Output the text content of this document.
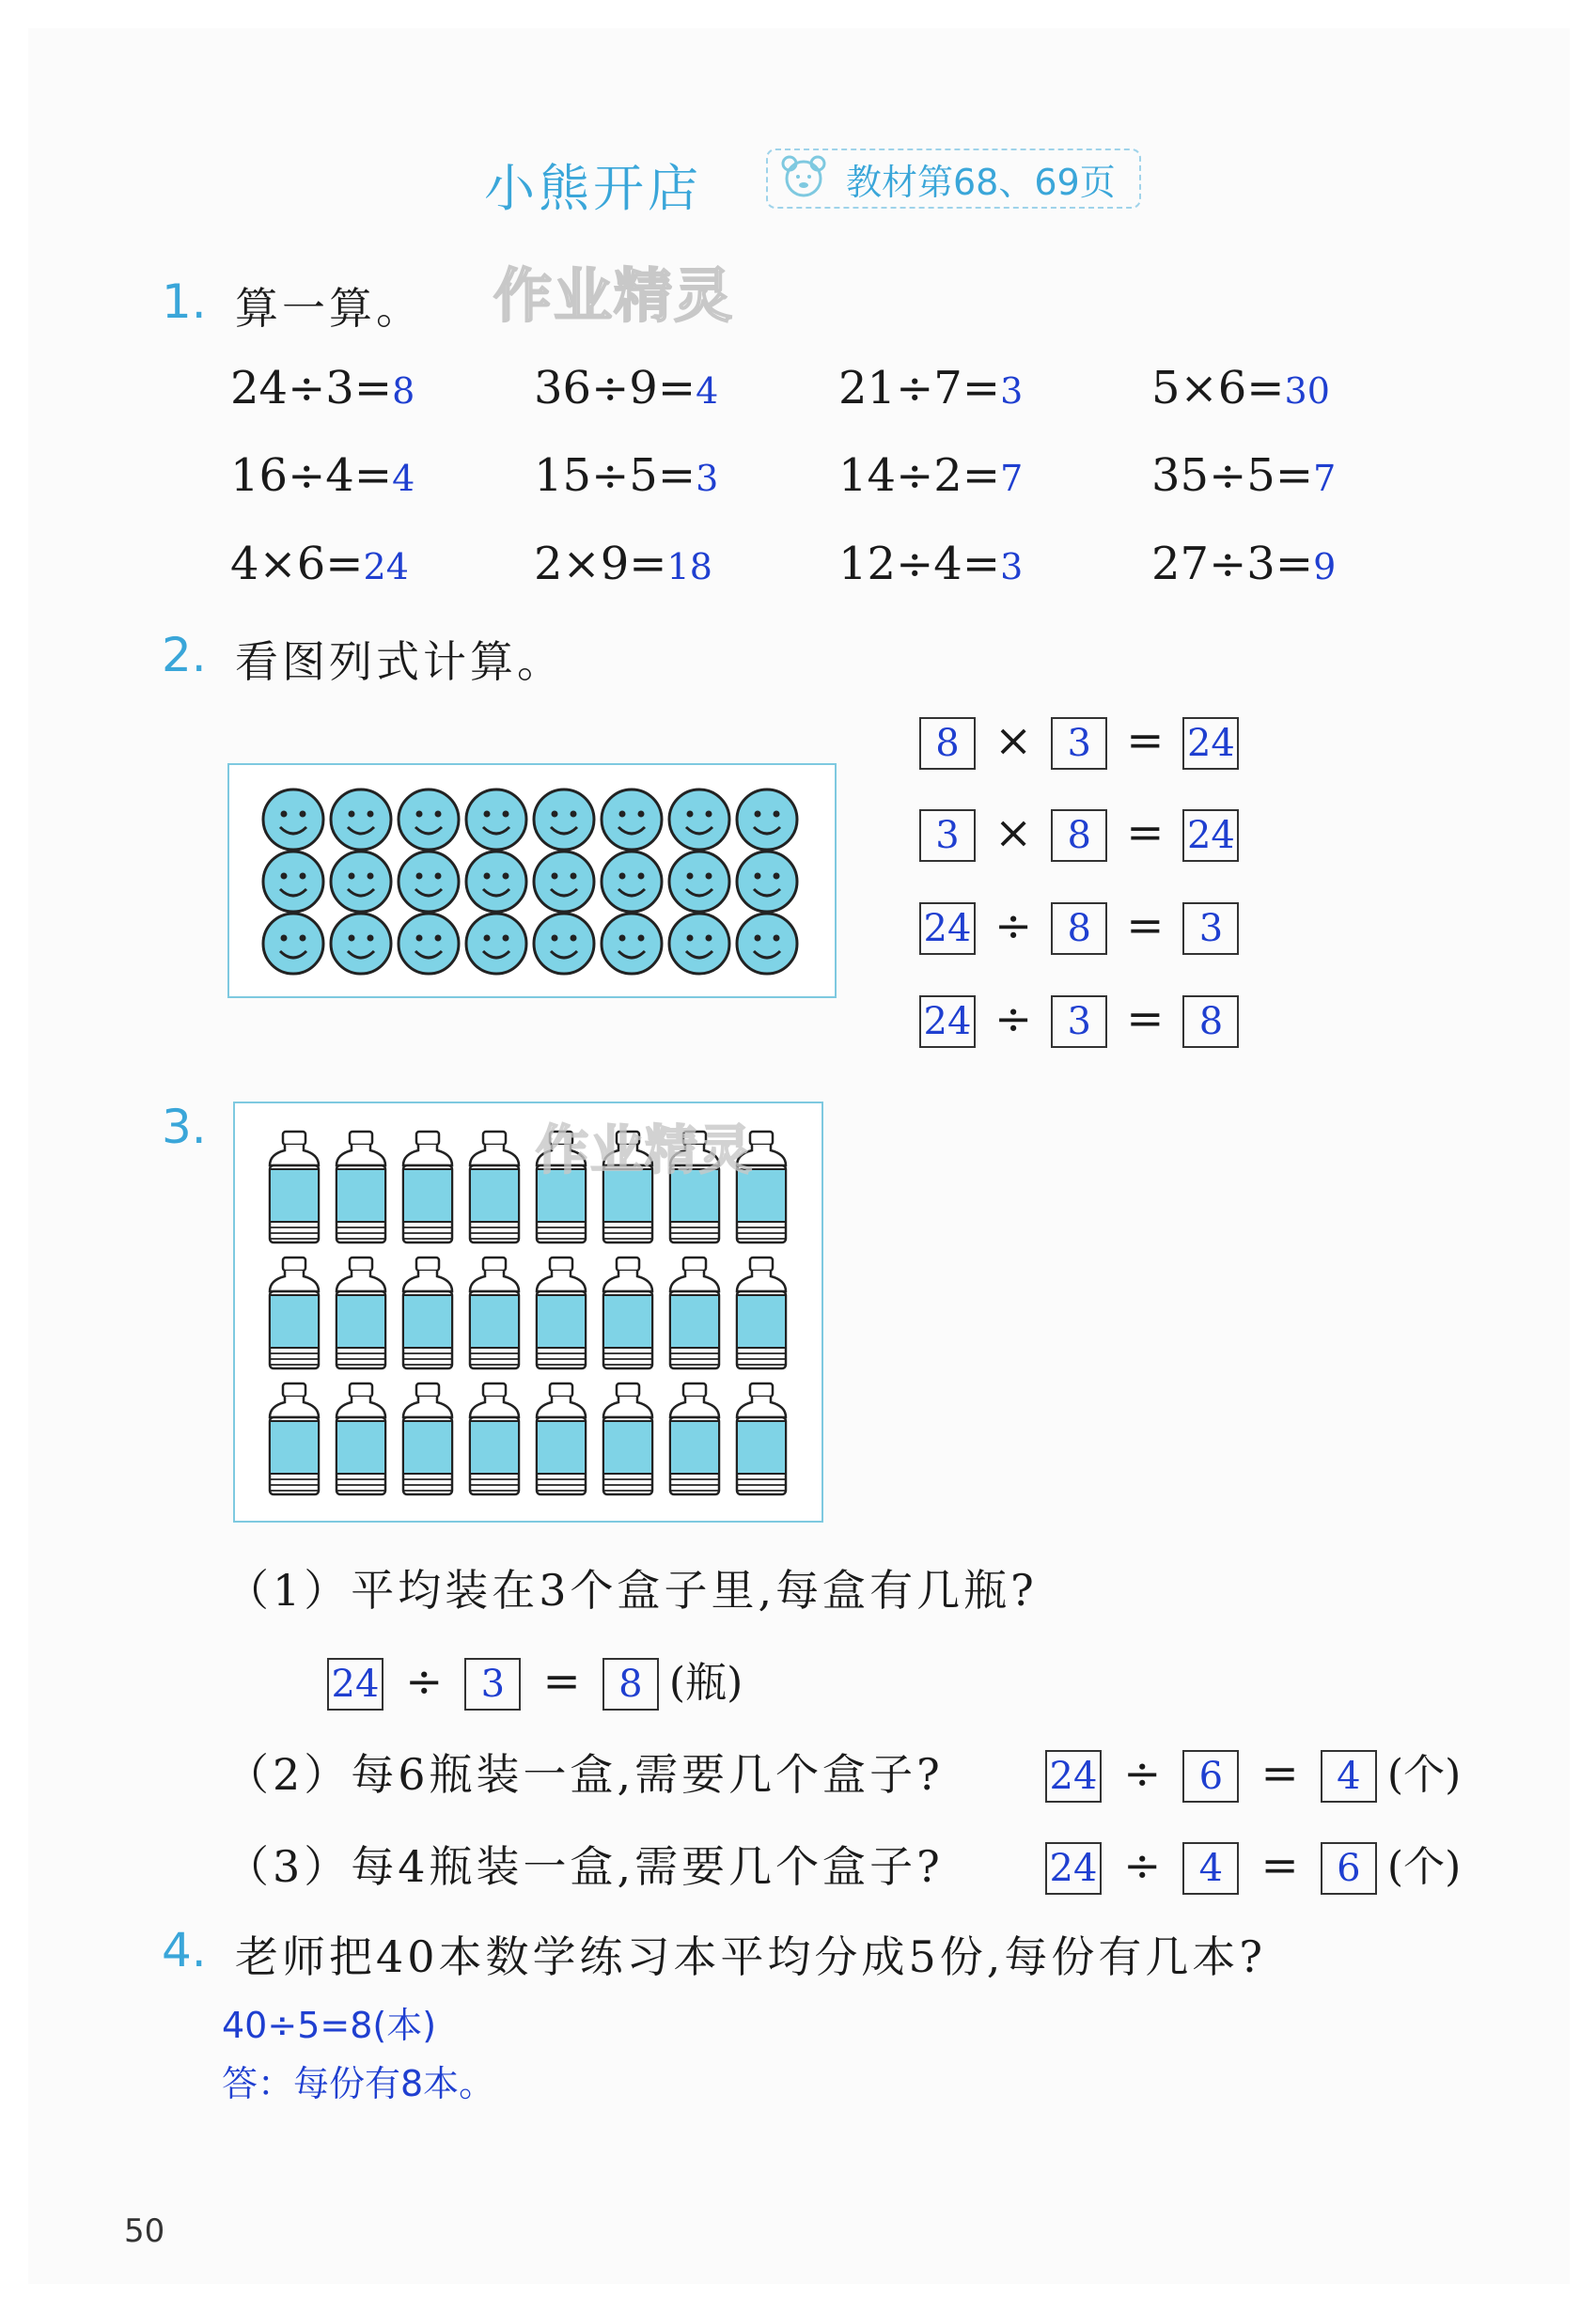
小熊开店	教材第68、69页
1. 算一算。 作业精灵
24÷3=8	36÷9=4	21÷7=3	5×6=30
16÷4=4	15÷5=3	14÷2=7	35÷5=7
4×6=24	2×9=18	12÷4=3	27÷3=9
2. 看图列式计算。
8 × 3 = 24
3 × 8 = 24
24 ÷ 8 = 3
24 ÷ 3 = 8
3.	作业精灵
（1）平均装在3个盒子里,每盒有几瓶?
24 ÷ 3 = 8 (瓶)
（2）每6瓶装一盒,需要几个盒子?	24 ÷ 6 = 4 (个)
（3）每4瓶装一盒,需要几个盒子?	24 ÷ 4 = 6 (个)
4. 老师把40本数学练习本平均分成5份,每份有几本?
40÷5=8(本)
答：每份有8本。
50
